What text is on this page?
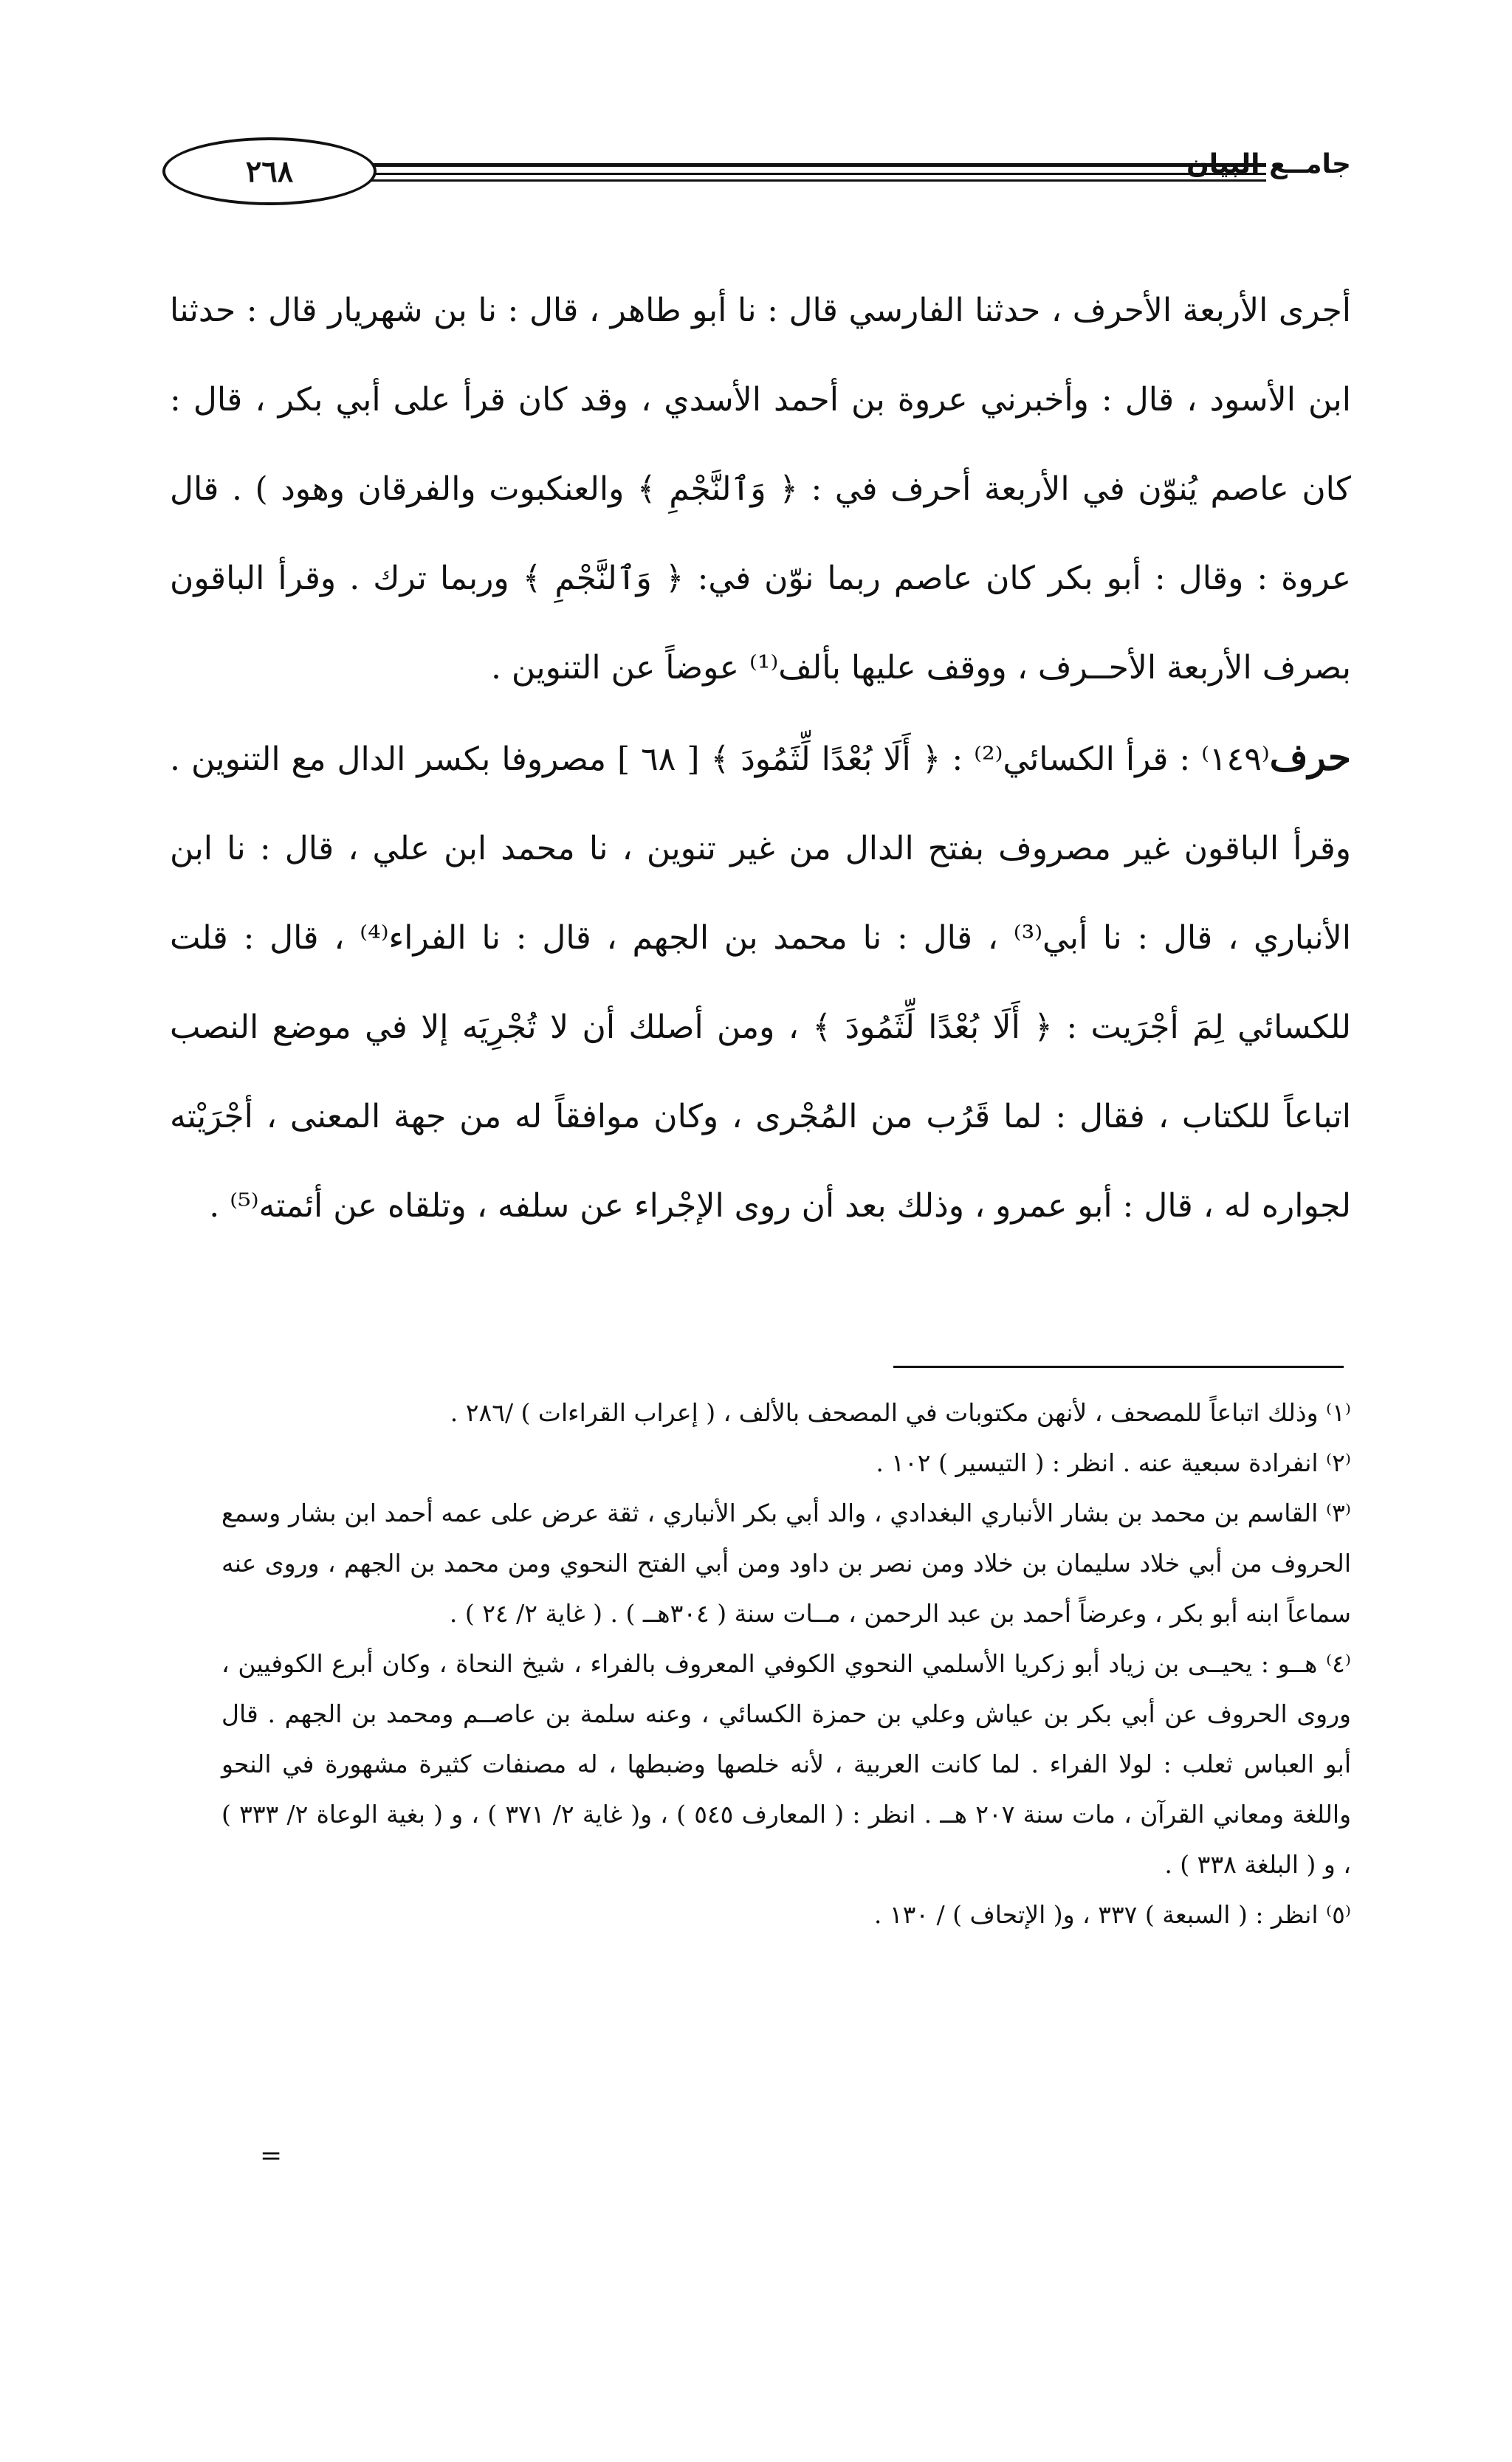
٢٦٨	جامــع البيان

أجرى الأربعة الأحرف ، حدثنا الفارسي قال : نا أبو طاهر ، قال : نا بن شهريار قال : حدثنا ابن الأسود ، قال : وأخبرني عروة بن أحمد الأسدي ، وقد كان قرأ على أبي بكر ، قال : كان عاصم يُنوّن في الأربعة أحرف في : ﴿ وَٱلنَّجْمِ ﴾ والعنكبوت والفرقان وهود ) . قال عروة : وقال : أبو بكر كان عاصم ربما نوّن في: ﴿ وَٱلنَّجْمِ ﴾ وربما ترك . وقرأ الباقون بصرف الأربعة الأحــرف ، ووقف عليها بألف⁽¹⁾ عوضاً عن التنوين .

حرف⁽١٤٩⁾ : قرأ الكسائي⁽²⁾ : ﴿ أَلَا بُعْدًا لِّثَمُودَ ﴾ [ ٦٨ ] مصروفا بكسر الدال مع التنوين . وقرأ الباقون غير مصروف بفتح الدال من غير تنوين ، نا محمد ابن علي ، قال : نا ابن الأنباري ، قال : نا أبي⁽³⁾ ، قال : نا محمد بن الجهم ، قال : نا الفراء⁽⁴⁾ ، قال : قلت للكسائي لِمَ أجْرَيت : ﴿ أَلَا بُعْدًا لِّثَمُودَ ﴾ ، ومن أصلك أن لا تُجْرِيَه إلا في موضع النصب اتباعاً للكتاب ، فقال : لما قَرُب من المُجْرى ، وكان موافقاً له من جهة المعنى ، أجْرَيْته لجواره له ، قال : أبو عمرو ، وذلك بعد أن روى الإجْراء عن سلفه ، وتلقاه عن أئمته⁽⁵⁾ .

⁽١⁾ وذلك اتباعاً للمصحف ، لأنهن مكتوبات في المصحف بالألف ، ( إعراب القراءات ) /٢٨٦ .

⁽٢⁾ انفرادة سبعية عنه . انظر : ( التيسير ) ١٠٢ .

⁽٣⁾ القاسم بن محمد بن بشار الأنباري البغدادي ، والد أبي بكر الأنباري ، ثقة عرض على عمه أحمد ابن بشار وسمع الحروف من أبي خلاد سليمان بن خلاد ومن نصر بن داود ومن أبي الفتح النحوي ومن محمد بن الجهم ، وروى عنه سماعاً ابنه أبو بكر ، وعرضاً أحمد بن عبد الرحمن ، مــات سنة ( ٣٠٤هــ ) . ( غاية ٢/ ٢٤ ) .

⁽٤⁾ هــو : يحيــى بن زياد أبو زكريا الأسلمي النحوي الكوفي المعروف بالفراء ، شيخ النحاة ، وكان أبرع الكوفيين ، وروى الحروف عن أبي بكر بن عياش وعلي بن حمزة الكسائي ، وعنه سلمة بن عاصــم ومحمد بن الجهم . قال أبو العباس ثعلب : لولا الفراء . لما كانت العربية ، لأنه خلصها وضبطها ، له مصنفات كثيرة مشهورة في النحو واللغة ومعاني القرآن ، مات سنة ٢٠٧ هــ . انظر : ( المعارف ٥٤٥ ) ، و( غاية ٢/ ٣٧١ ) ، و ( بغية الوعاة ٢/ ٣٣٣ ) ، و ( البلغة ٣٣٨ ) .

⁽٥⁾ انظر : ( السبعة ) ٣٣٧ ، و( الإتحاف ) / ١٣٠ .

=
